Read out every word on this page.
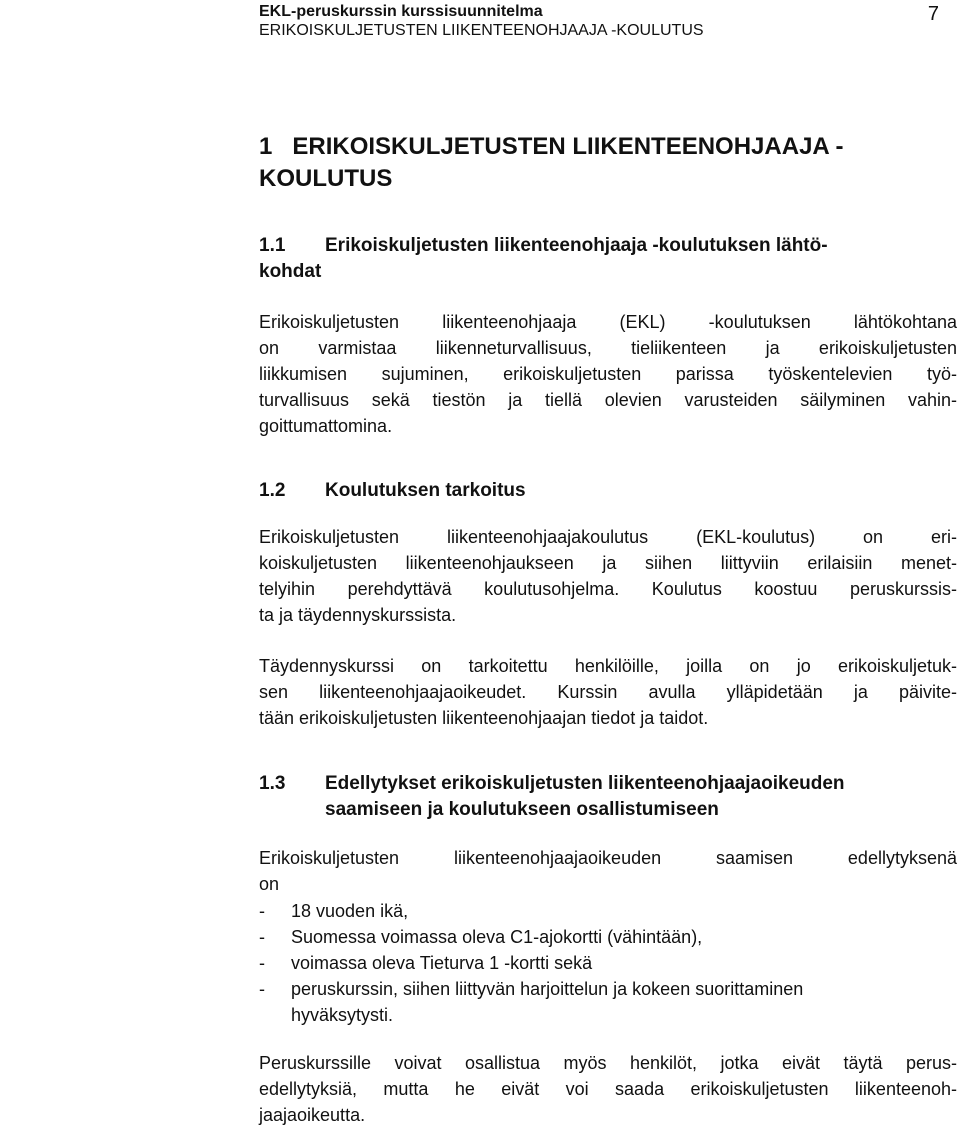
EKL-peruskurssin kurssisuunnitelma
ERIKOISKULJETUSTEN LIIKENTEENOHJAAJA -KOULUTUS
7
1   ERIKOISKULJETUSTEN LIIKENTEENOHJAAJA -
KOULUTUS
1.1 Erikoiskuljetusten liikenteenohjaaja -koulutuksen lähtö-
kohdat
Erikoiskuljetusten liikenteenohjaaja (EKL) -koulutuksen lähtökohtana
on varmistaa liikenneturvallisuus, tieliikenteen ja erikoiskuljetusten
liikkumisen sujuminen, erikoiskuljetusten parissa työskentelevien työ-
turvallisuus sekä tiestön ja tiellä olevien varusteiden säilyminen vahin-
goittumattomina.
1.2 Koulutuksen tarkoitus
Erikoiskuljetusten liikenteenohjaajakoulutus (EKL-koulutus) on eri-
koiskuljetusten liikenteenohjaukseen ja siihen liittyviin erilaisiin menet-
telyihin perehdyttävä koulutusohjelma. Koulutus koostuu peruskurssis-
ta ja täydennyskurssista.
Täydennyskurssi on tarkoitettu henkilöille, joilla on jo erikoiskuljetuk-
sen liikenteenohjaajaoikeudet. Kurssin avulla ylläpidetään ja päivite-
tään erikoiskuljetusten liikenteenohjaajan tiedot ja taidot.
1.3 Edellytykset erikoiskuljetusten liikenteenohjaajaoikeuden
saamiseen ja koulutukseen osallistumiseen
Erikoiskuljetusten liikenteenohjaajaoikeuden saamisen edellytyksenä
on
- 18 vuoden ikä,
- Suomessa voimassa oleva C1-ajokortti (vähintään),
- voimassa oleva Tieturva 1 -kortti sekä
- peruskurssin, siihen liittyvän harjoittelun ja kokeen suorittaminen
hyväksytysti.
Peruskurssille voivat osallistua myös henkilöt, jotka eivät täytä perus-
edellytyksiä, mutta he eivät voi saada erikoiskuljetusten liikenteenoh-
jaajaoikeutta.
